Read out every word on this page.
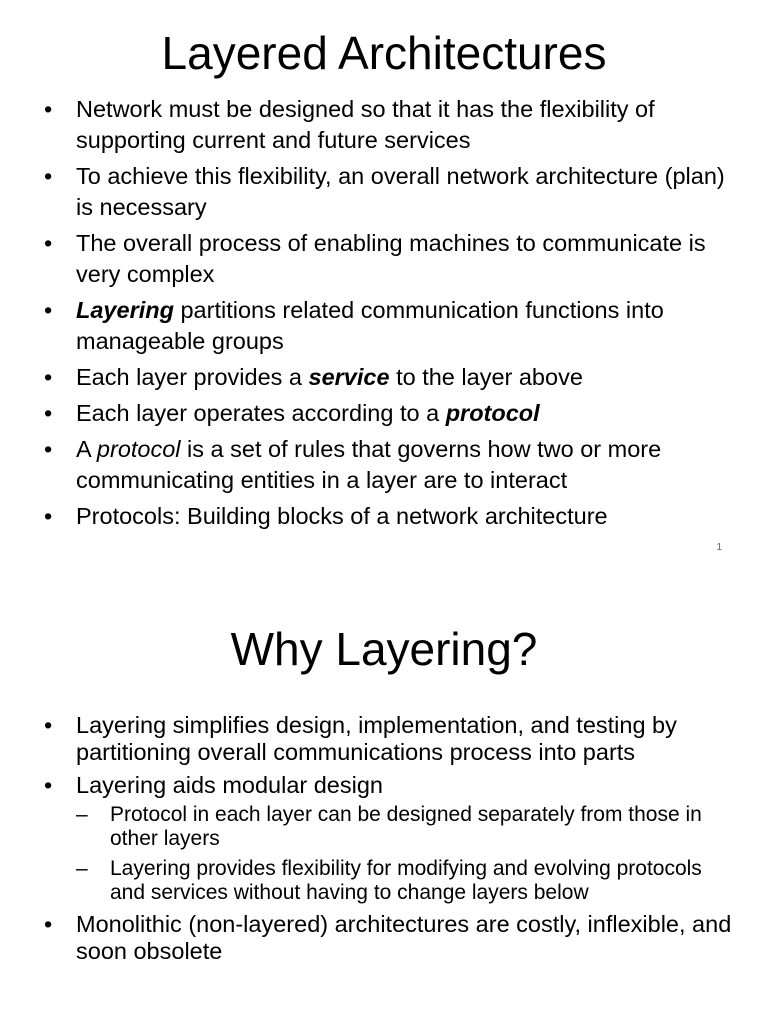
Layered Architectures
• Network must be designed so that it has the flexibility of supporting current and future services
• To achieve this flexibility, an overall network architecture (plan) is necessary
• The overall process of enabling machines to communicate is very complex
• Layering partitions related communication functions into manageable groups
• Each layer provides a service to the layer above
• Each layer operates according to a protocol
• A protocol is a set of rules that governs how two or more communicating entities in a layer are to interact
• Protocols: Building blocks of a network architecture
1
Why Layering?
• Layering simplifies design, implementation, and testing by partitioning overall communications process into parts
• Layering aids modular design
– Protocol in each layer can be designed separately from those in other layers
– Layering provides flexibility for modifying and evolving protocols and services without having to change layers below
• Monolithic (non-layered) architectures are costly, inflexible, and soon obsolete
